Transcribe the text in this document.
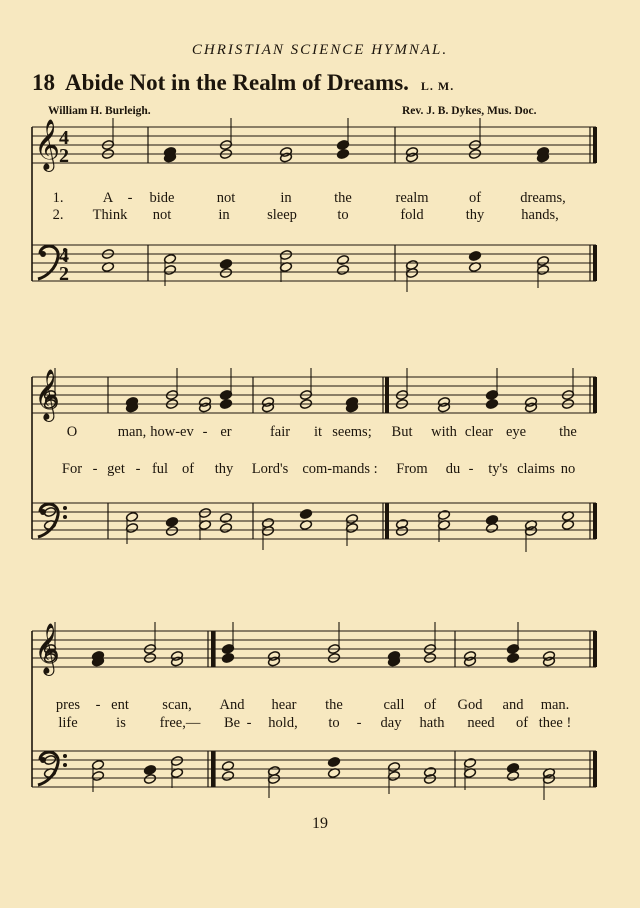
CHRISTIAN SCIENCE HYMNAL.
18 Abide Not in the Realm of Dreams. L. M.
William H. Burleigh.	Rev. J. B. Dykes, Mus. Doc.
𝄞
4
2
4
2
𝄞
𝄞
1.	A - bide	not	in	the	realm	of	dreams,
2. Think not	in	sleep	to	fold	thy	hands,
O	man, how-ev - er	fair it seems; But with clear eye the
For - get - ful of thy Lord's com-mands : From du - ty's claims no
pres - ent scan, And hear the	call of God and man.
life	is free,— Be - hold, to - day hath need of thee !
19
